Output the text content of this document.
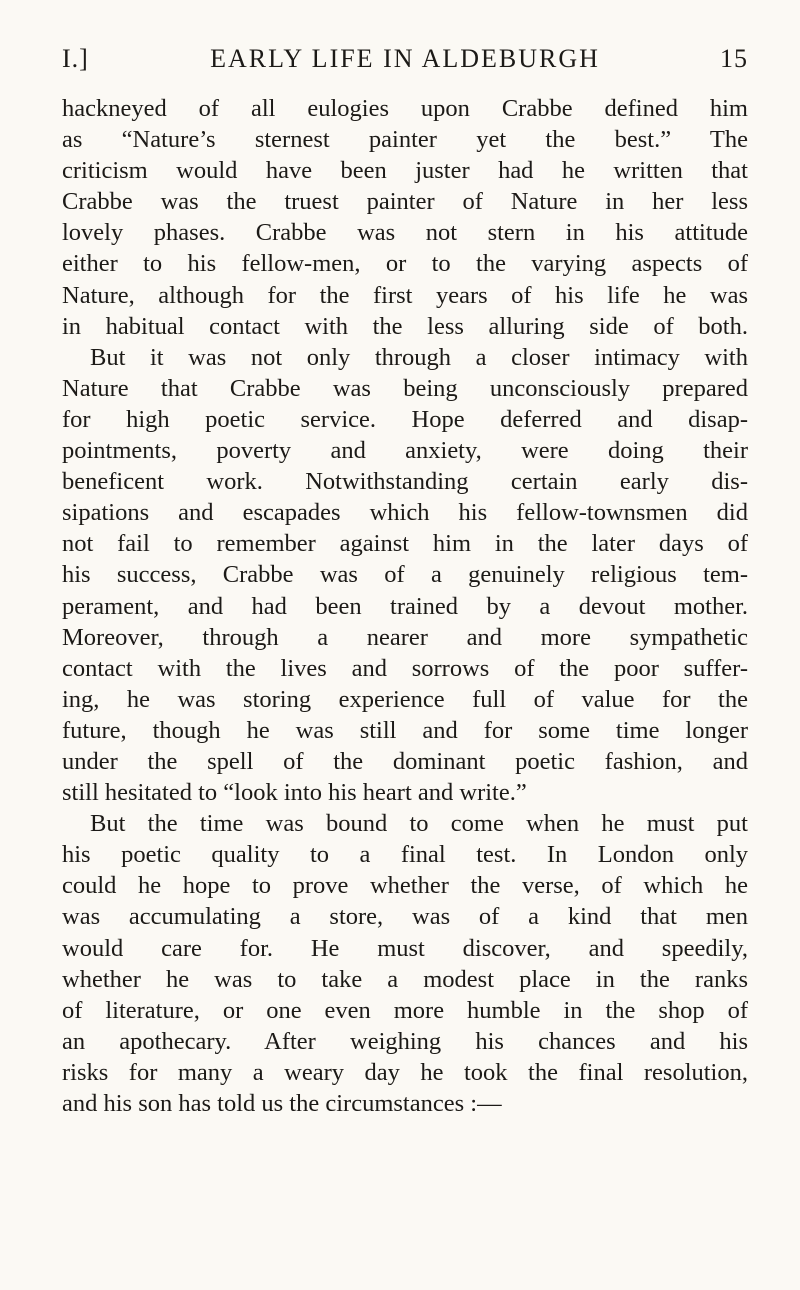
I.]	EARLY LIFE IN ALDEBURGH	15
hackneyed of all eulogies upon Crabbe defined him
as “Nature’s sternest painter yet the best.” The
criticism would have been juster had he written that
Crabbe was the truest painter of Nature in her less
lovely phases. Crabbe was not stern in his attitude
either to his fellow-men, or to the varying aspects of
Nature, although for the first years of his life he was
in habitual contact with the less alluring side of both.
But it was not only through a closer intimacy with
Nature that Crabbe was being unconsciously prepared
for high poetic service. Hope deferred and disap-
pointments, poverty and anxiety, were doing their
beneficent work. Notwithstanding certain early dis-
sipations and escapades which his fellow-townsmen did
not fail to remember against him in the later days of
his success, Crabbe was of a genuinely religious tem-
perament, and had been trained by a devout mother.
Moreover, through a nearer and more sympathetic
contact with the lives and sorrows of the poor suffer-
ing, he was storing experience full of value for the
future, though he was still and for some time longer
under the spell of the dominant poetic fashion, and
still hesitated to “look into his heart and write.”
But the time was bound to come when he must put
his poetic quality to a final test. In London only
could he hope to prove whether the verse, of which he
was accumulating a store, was of a kind that men
would care for. He must discover, and speedily,
whether he was to take a modest place in the ranks
of literature, or one even more humble in the shop of
an apothecary. After weighing his chances and his
risks for many a weary day he took the final resolution,
and his son has told us the circumstances :—
